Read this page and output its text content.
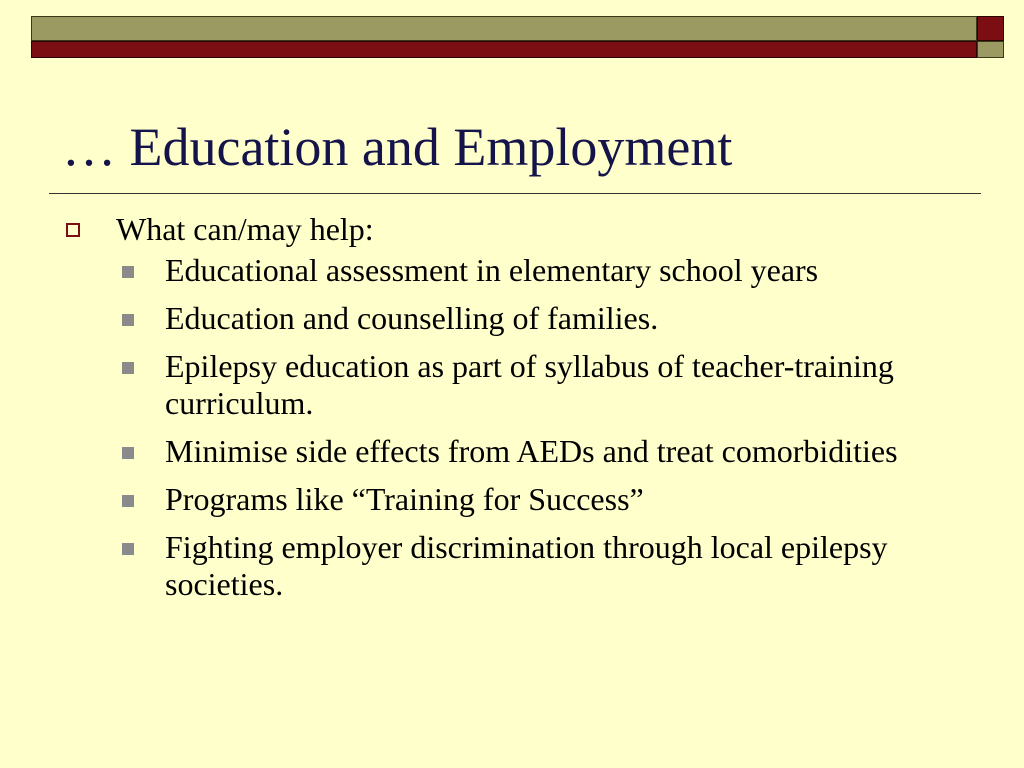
… Education and Employment
What can/may help:
Educational assessment in elementary school years
Education and counselling of families.
Epilepsy education as part of syllabus of teacher-training curriculum.
Minimise side effects from AEDs and treat comorbidities
Programs like “Training for Success”
Fighting employer discrimination through local epilepsy societies.
